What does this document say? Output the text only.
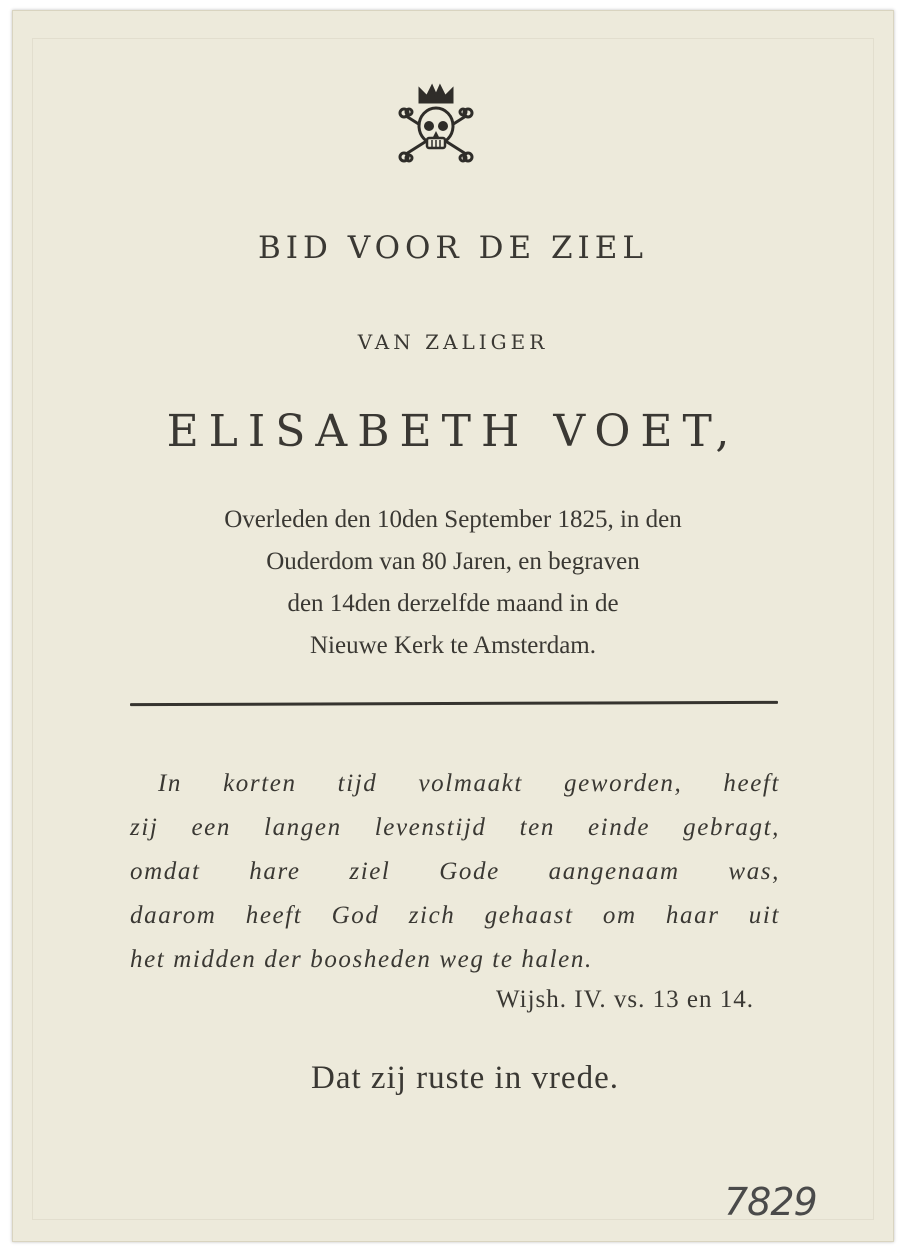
BID VOOR DE ZIEL
VAN ZALIGER
ELISABETH VOET,
Overleden den 10den September 1825, in den
Ouderdom van 80 Jaren, en begraven
den 14den derzelfde maand in de
Nieuwe Kerk te Amsterdam.
In korten tijd volmaakt geworden, heeft
zij een langen levenstijd ten einde gebragt,
omdat hare ziel Gode aangenaam was,
daarom heeft God zich gehaast om haar uit
het midden der boosheden weg te halen.
Wijsh. IV. vs. 13 en 14.
Dat zij ruste in vrede.
7829
